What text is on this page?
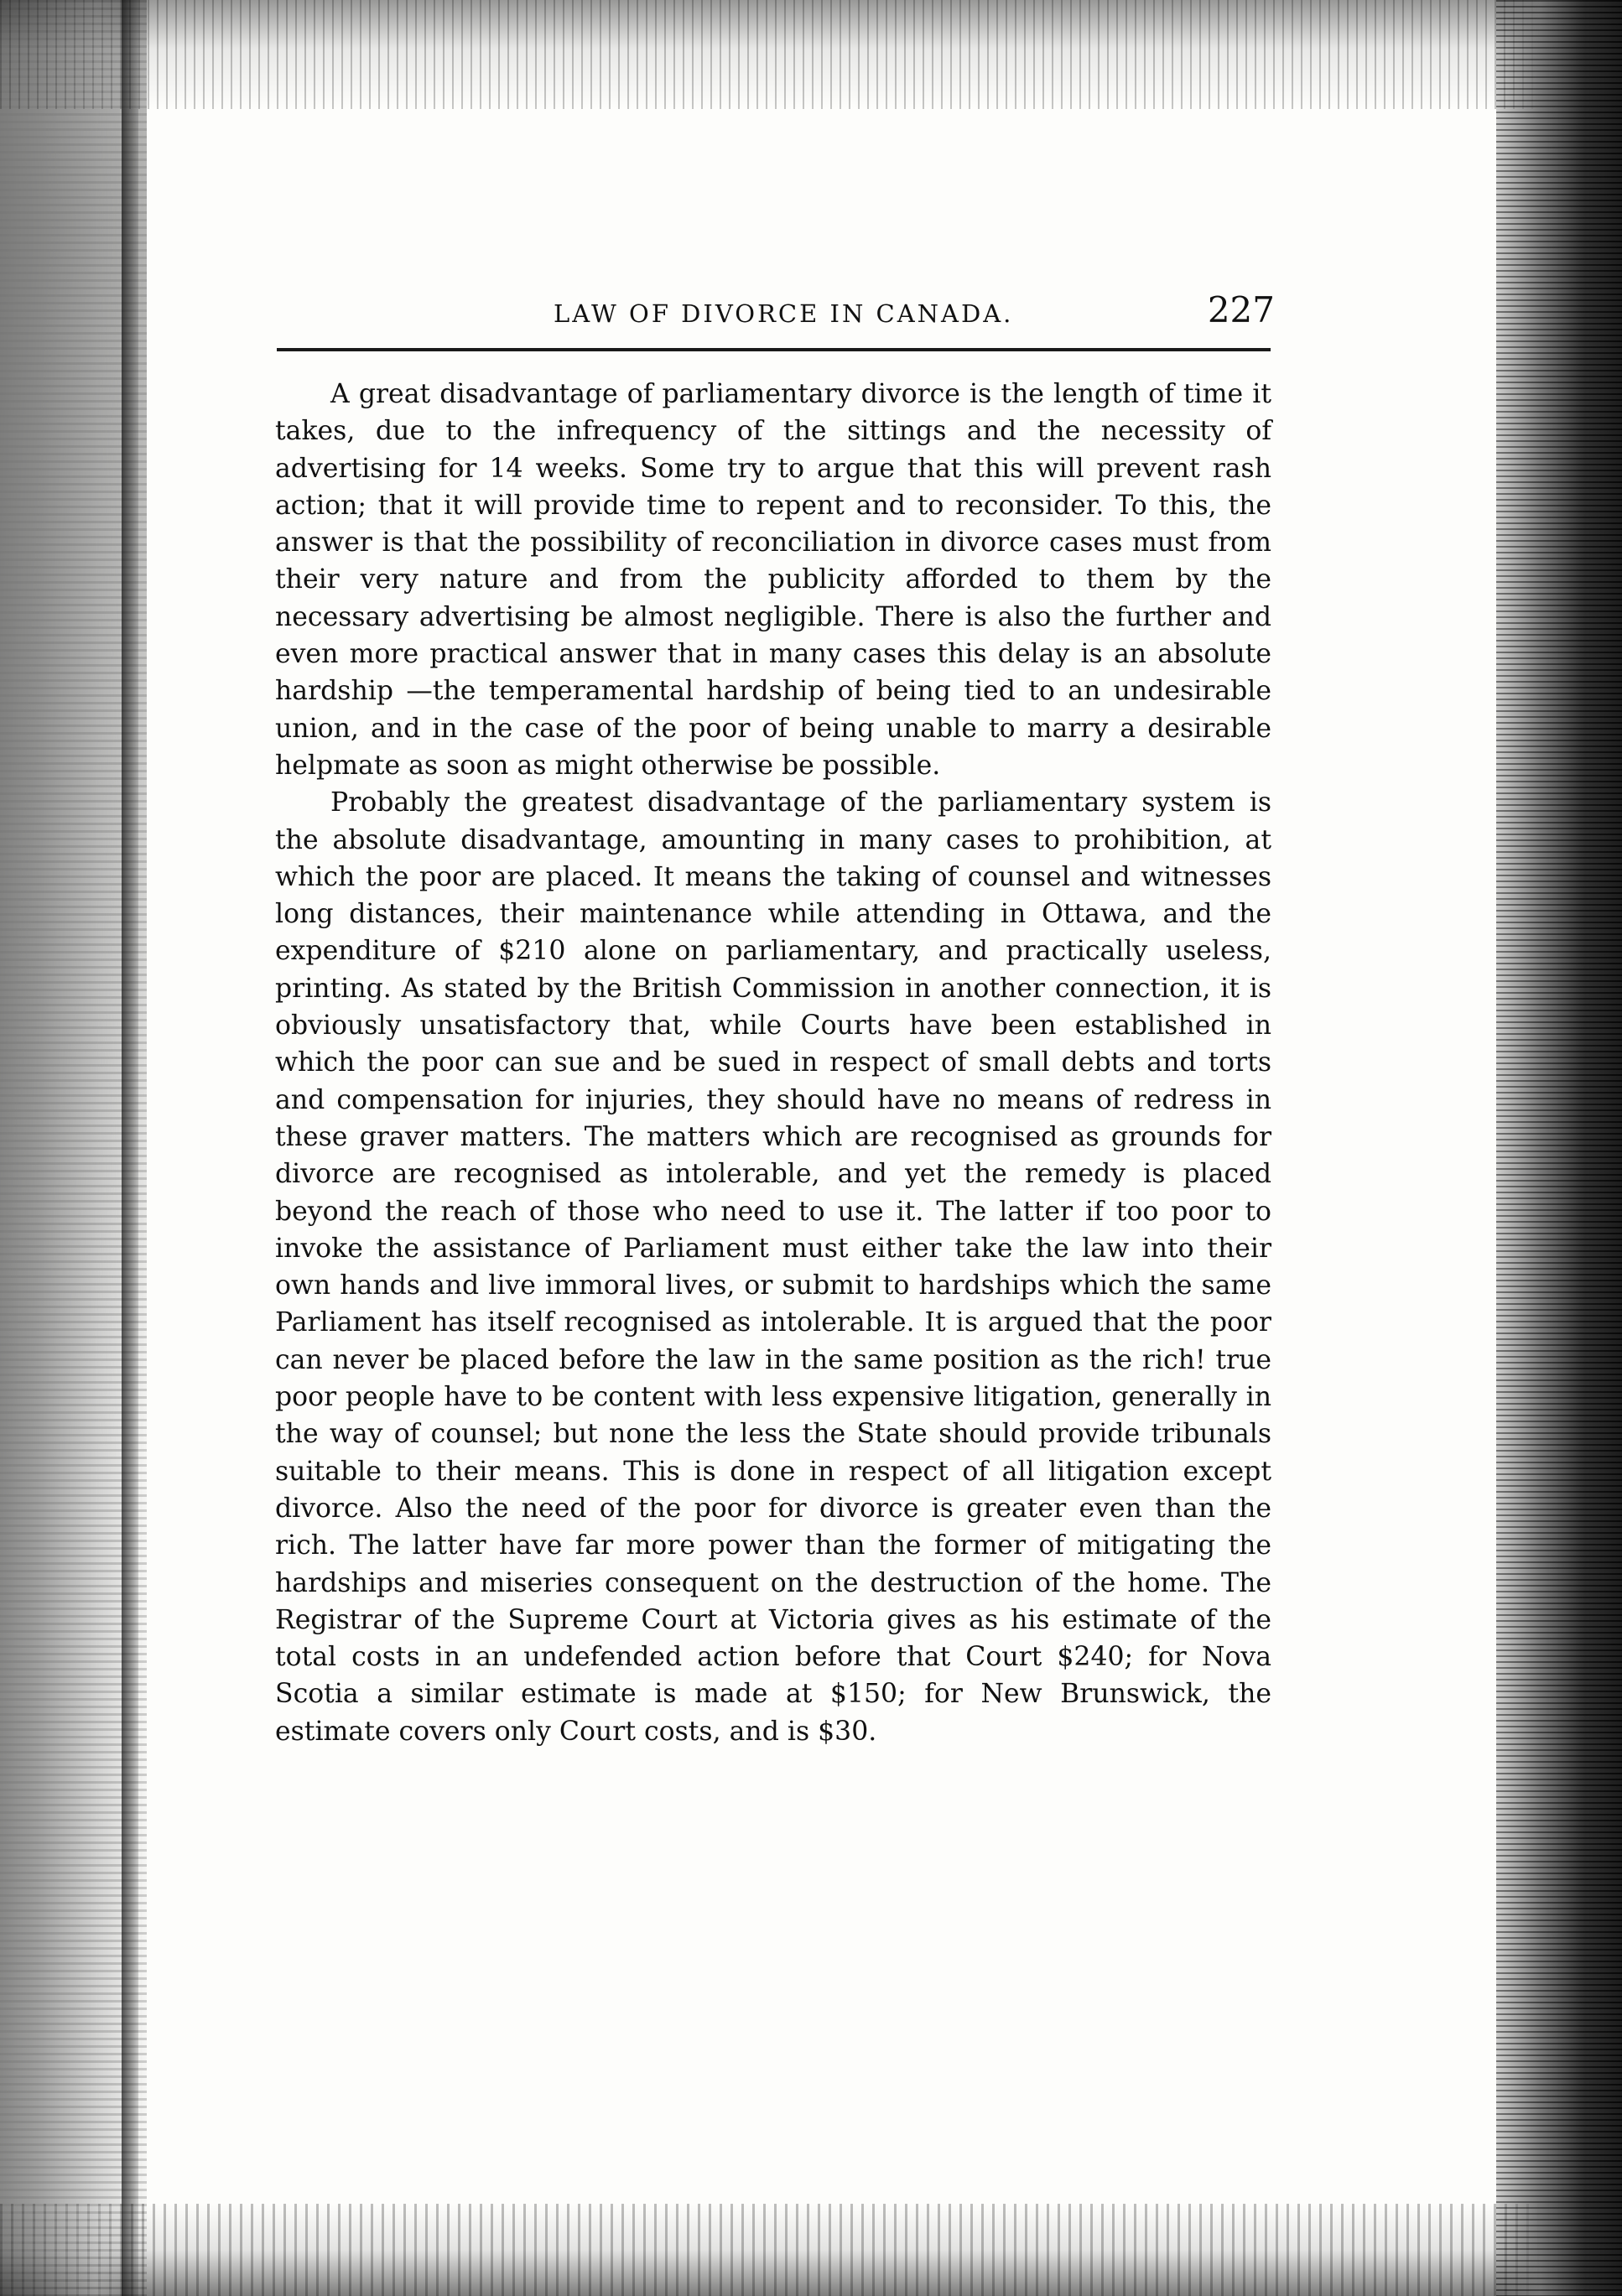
LAW OF DIVORCE IN CANADA.	227

A great disadvantage of parliamentary divorce is the length of time it takes, due to the infrequency of the sittings and the necessity of advertising for 14 weeks. Some try to argue that this will prevent rash action; that it will provide time to repent and to reconsider. To this, the answer is that the possibility of reconciliation in divorce cases must from their very nature and from the publicity afforded to them by the necessary advertising be almost negligible. There is also the further and even more practical answer that in many cases this delay is an absolute hardship —the temperamental hardship of being tied to an undesirable union, and in the case of the poor of being unable to marry a desirable helpmate as soon as might otherwise be possible.

Probably the greatest disadvantage of the parliamentary system is the absolute disadvantage, amounting in many cases to prohibition, at which the poor are placed. It means the taking of counsel and witnesses long distances, their maintenance while attending in Ottawa, and the expenditure of $210 alone on parliamentary, and practically useless, printing. As stated by the British Commission in another connection, it is obviously unsatisfactory that, while Courts have been established in which the poor can sue and be sued in respect of small debts and torts and compensation for injuries, they should have no means of redress in these graver matters. The matters which are recognised as grounds for divorce are recognised as intolerable, and yet the remedy is placed beyond the reach of those who need to use it. The latter if too poor to invoke the assistance of Parliament must either take the law into their own hands and live immoral lives, or submit to hardships which the same Parliament has itself recognised as intolerable. It is argued that the poor can never be placed before the law in the same position as the rich! true poor people have to be content with less expensive litigation, generally in the way of counsel; but none the less the State should provide tribunals suitable to their means. This is done in respect of all litigation except divorce. Also the need of the poor for divorce is greater even than the rich. The latter have far more power than the former of mitigating the hardships and miseries consequent on the destruction of the home. The Registrar of the Supreme Court at Victoria gives as his estimate of the total costs in an undefended action before that Court $240; for Nova Scotia a similar estimate is made at $150; for New Brunswick, the estimate covers only Court costs, and is $30.
